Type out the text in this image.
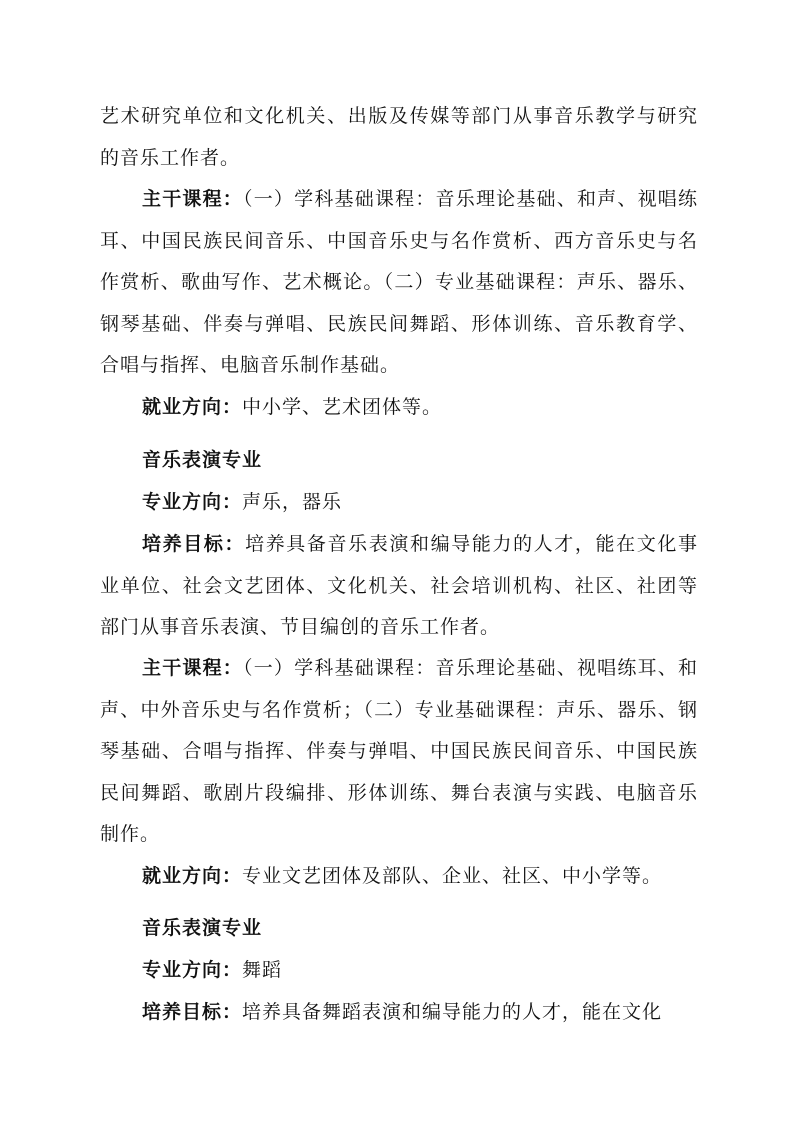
艺术研究单位和文化机关、出版及传媒等部门从事音乐教学与研究的音乐工作者。

主干课程：（一）学科基础课程：音乐理论基础、和声、视唱练耳、中国民族民间音乐、中国音乐史与名作赏析、西方音乐史与名作赏析、歌曲写作、艺术概论。（二）专业基础课程：声乐、器乐、钢琴基础、伴奏与弹唱、民族民间舞蹈、形体训练、音乐教育学、合唱与指挥、电脑音乐制作基础。

就业方向：中小学、艺术团体等。

音乐表演专业

专业方向：声乐，器乐

培养目标：培养具备音乐表演和编导能力的人才，能在文化事业单位、社会文艺团体、文化机关、社会培训机构、社区、社团等部门从事音乐表演、节目编创的音乐工作者。

主干课程：（一）学科基础课程：音乐理论基础、视唱练耳、和声、中外音乐史与名作赏析；（二）专业基础课程：声乐、器乐、钢琴基础、合唱与指挥、伴奏与弹唱、中国民族民间音乐、中国民族民间舞蹈、歌剧片段编排、形体训练、舞台表演与实践、电脑音乐制作。

就业方向：专业文艺团体及部队、企业、社区、中小学等。

音乐表演专业

专业方向：舞蹈

培养目标：培养具备舞蹈表演和编导能力的人才，能在文化
